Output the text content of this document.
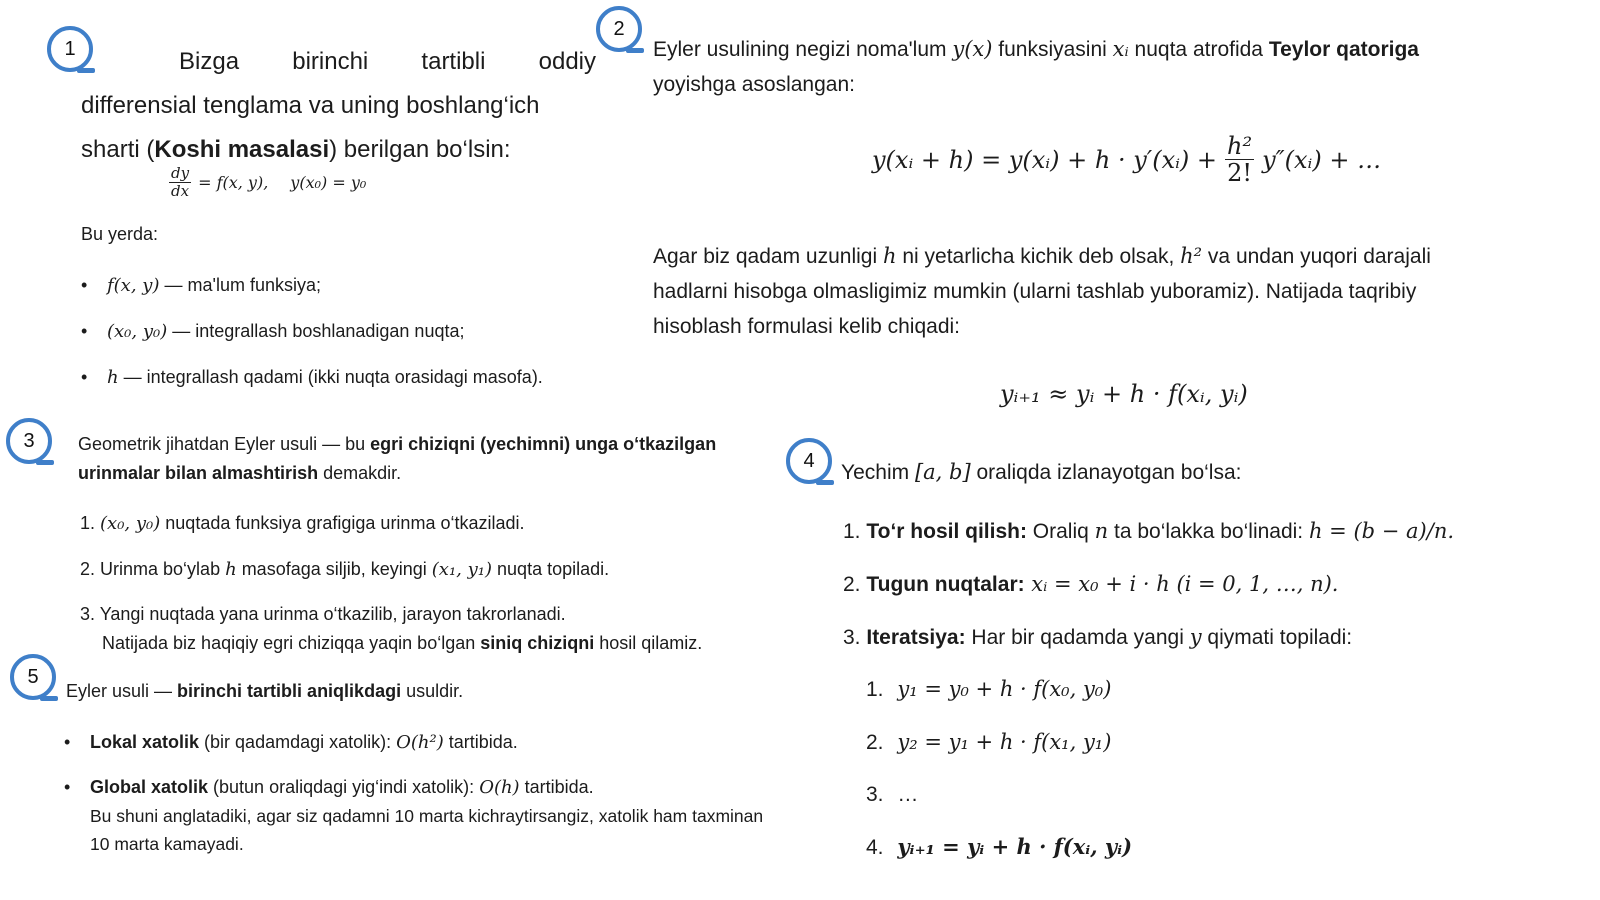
1	Bizga birinchi tartibli oddiy
differensial tenglama va uning boshlang‘ich
sharti (Koshi masalasi) berilgan bo‘lsin:
$\frac{dy}{dx} = f(x$, y), y(x₀) = y₀
Bu yerda:
• f(x, y) — ma'lum funksiya;
• (x₀, y₀) — integrallash boshlanadigan nuqta;
• h — integrallash qadami (ikki nuqta orasidagi masofa).
2
Eyler usulining negizi noma'lum y(x) funksiyasini xᵢ nuqta atrofida Teylor qatoriga
yoyishga asoslangan:
y(xᵢ + h) = y(xᵢ) + h · y′(xᵢ) + $\frac{\text{h²}}{2!}$ y″(xᵢ) + …
Agar biz qadam uzunligi h ni yetarlicha kichik deb olsak, h² va undan yuqori darajali
hadlarni hisobga olmasligimiz mumkin (ularni tashlab yuboramiz). Natijada taqribiy
hisoblash formulasi kelib chiqadi:
yᵢ₊₁ ≈ yᵢ + h · f(xᵢ, yᵢ)
3	Geometrik jihatdan Eyler usuli — bu egri chiziqni (yechimni) unga o‘tkazilgan urinmalar bilan almashtirish demakdir.
1. (x₀, y₀) nuqtada funksiya grafigiga urinma o‘tkaziladi.
2. Urinma bo‘ylab h masofaga siljib, keyingi (x₁, y₁) nuqta topiladi.
3. Yangi nuqtada yana urinma o‘tkazilib, jarayon takrorlanadi.
Natijada biz haqiqiy egri chiziqqa yaqin bo‘lgan siniq chiziqni hosil qilamiz.
4
Yechim [a, b] oraliqda izlanayotgan bo‘lsa:
1. To‘r hosil qilish: Oraliq n ta bo‘lakka bo‘linadi: h = (b − a)/n.
2. Tugun nuqtalar: xᵢ = x₀ + i · h (i = 0, 1, …, n).
3. Iteratsiya: Har bir qadamda yangi y qiymati topiladi:
1. y₁ = y₀ + h · f(x₀, y₀)
2. y₂ = y₁ + h · f(x₁, y₁)
3. …
4. yᵢ₊₁ = yᵢ + h · f(xᵢ, yᵢ)
5
Eyler usuli — birinchi tartibli aniqlikdagi usuldir.
• Lokal xatolik (bir qadamdagi xatolik): O(h²) tartibida.
• Global xatolik (butun oraliqdagi yig‘indi xatolik): O(h) tartibida.
Bu shuni anglatadiki, agar siz qadamni 10 marta kichraytirsangiz, xatolik ham taxminan
10 marta kamayadi.
